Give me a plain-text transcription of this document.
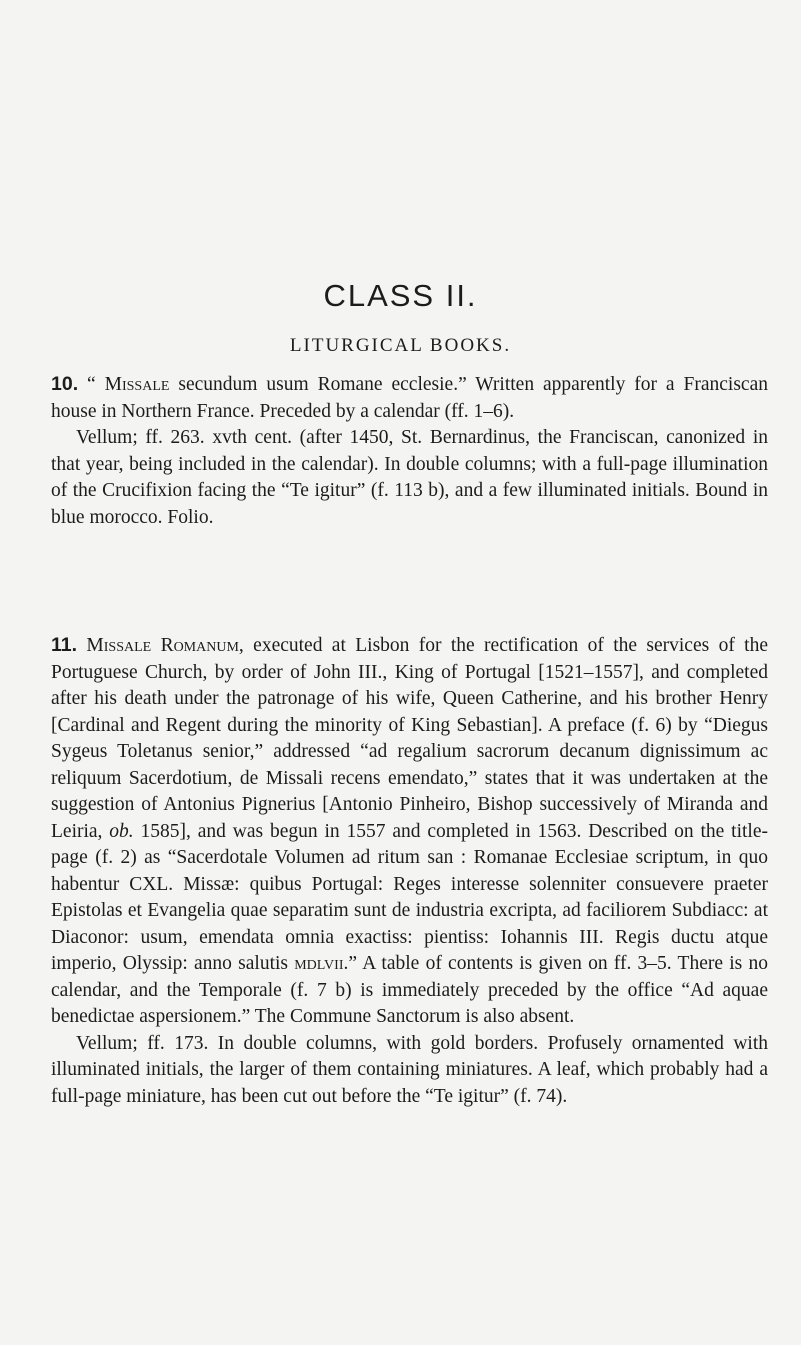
CLASS II.
LITURGICAL BOOKS.

10. “ Missale secundum usum Romane ecclesie.” Written apparently for a Franciscan house in Northern France. Preceded by a calendar (ff. 1–6).

Vellum; ff. 263. xvth cent. (after 1450, St. Bernardinus, the Franciscan, canonized in that year, being included in the calendar). In double columns; with a full-page illumination of the Crucifixion facing the “Te igitur” (f. 113 b), and a few illuminated initials. Bound in blue morocco. Folio.

11. Missale Romanum, executed at Lisbon for the rectification of the services of the Portuguese Church, by order of John III., King of Portugal [1521–1557], and completed after his death under the patronage of his wife, Queen Catherine, and his brother Henry [Cardinal and Regent during the minority of King Sebastian]. A preface (f. 6) by “Diegus Sygeus Toletanus senior,” addressed “ad regalium sacrorum decanum dignissimum ac reliquum Sacerdotium, de Missali recens emendato,” states that it was undertaken at the suggestion of Antonius Pignerius [Antonio Pinheiro, Bishop successively of Miranda and Leiria, ob. 1585], and was begun in 1557 and completed in 1563. Described on the title-page (f. 2) as “Sacerdotale Volumen ad ritum san : Romanae Ecclesiae scriptum, in quo habentur CXL. Missæ: quibus Portugal: Reges interesse solenniter consuevere praeter Epistolas et Evangelia quae separatim sunt de industria excripta, ad faciliorem Subdiacc: at Diaconor: usum, emendata omnia exactiss: pientiss: Iohannis III. Regis ductu atque imperio, Olyssip: anno salutis mdlvii.” A table of contents is given on ff. 3–5. There is no calendar, and the Temporale (f. 7 b) is immediately preceded by the office “Ad aquae benedictae aspersionem.” The Commune Sanctorum is also absent.

Vellum; ff. 173. In double columns, with gold borders. Profusely ornamented with illuminated initials, the larger of them containing miniatures. A leaf, which probably had a full-page miniature, has been cut out before the “Te igitur” (f. 74).
